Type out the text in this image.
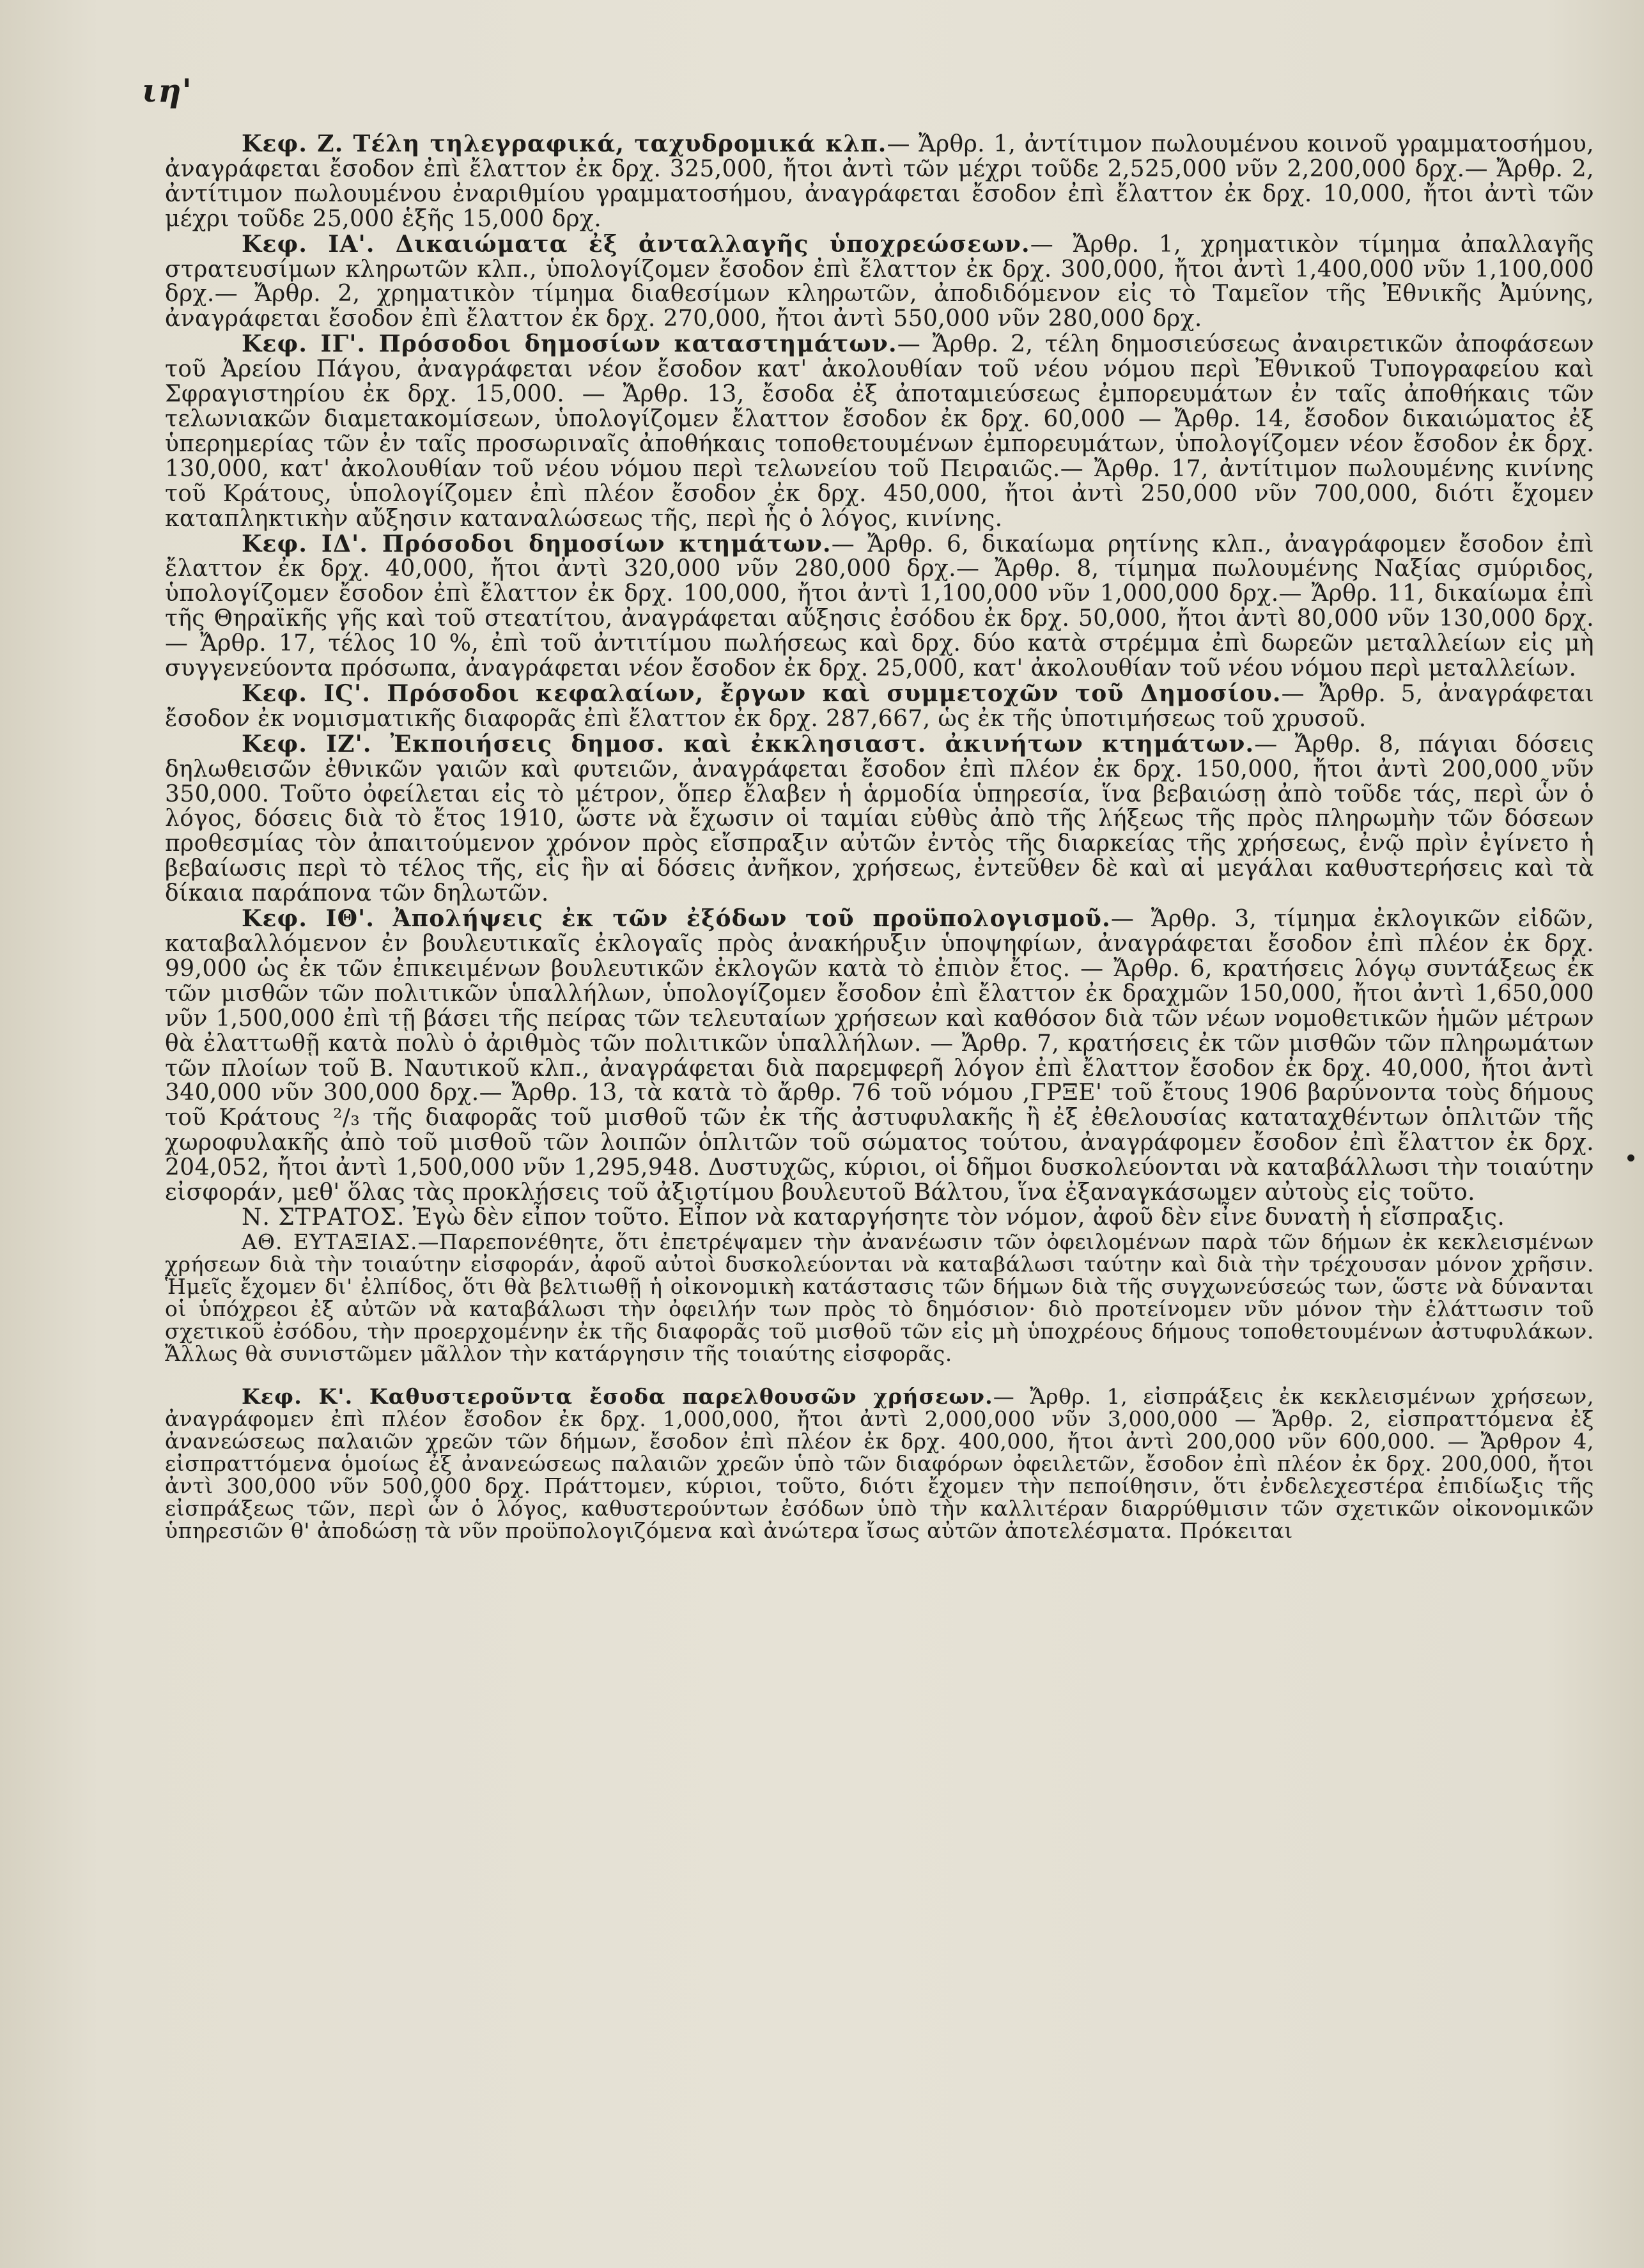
ιη'

Κεφ. Ζ. Τέλη τηλεγραφικά, ταχυδρομικά κλπ.— Ἄρθρ. 1, ἀντίτιμον πωλουμένου κοινοῦ γραμματοσήμου, ἀναγράφεται ἔσοδον ἐπὶ ἔλαττον ἐκ δρχ. 325,000, ἤτοι ἀντὶ τῶν μέχρι τοῦδε 2,525,000 νῦν 2,200,000 δρχ.— Ἄρθρ. 2, ἀντίτιμον πωλουμένου ἐναριθμίου γραμματοσήμου, ἀναγράφεται ἔσοδον ἐπὶ ἔλαττον ἐκ δρχ. 10,000, ἤτοι ἀντὶ τῶν μέχρι τοῦδε 25,000 ἑξῆς 15,000 δρχ.

Κεφ. ΙΑ'. Δικαιώματα ἐξ ἀνταλλαγῆς ὑποχρεώσεων.— Ἄρθρ. 1, χρηματικὸν τίμημα ἀπαλλαγῆς στρατευσίμων κληρωτῶν κλπ., ὑπολογίζομεν ἔσοδον ἐπὶ ἔλαττον ἐκ δρχ. 300,000, ἤτοι ἀντὶ 1,400,000 νῦν 1,100,000 δρχ.— Ἄρθρ. 2, χρηματικὸν τίμημα διαθεσίμων κληρωτῶν, ἀποδιδόμενον εἰς τὸ Ταμεῖον τῆς Ἐθνικῆς Ἀμύνης, ἀναγράφεται ἔσοδον ἐπὶ ἔλαττον ἐκ δρχ. 270,000, ἤτοι ἀντὶ 550,000 νῦν 280,000 δρχ.

Κεφ. ΙΓ'. Πρόσοδοι δημοσίων καταστημάτων.— Ἄρθρ. 2, τέλη δημοσιεύσεως ἀναιρετικῶν ἀποφάσεων τοῦ Ἀρείου Πάγου, ἀναγράφεται νέον ἔσοδον κατ' ἀκολουθίαν τοῦ νέου νόμου περὶ Ἐθνικοῦ Τυπογραφείου καὶ Σφραγιστηρίου ἐκ δρχ. 15,000. — Ἄρθρ. 13, ἔσοδα ἐξ ἀποταμιεύσεως ἐμπορευμάτων ἐν ταῖς ἀποθήκαις τῶν τελωνιακῶν διαμετακομίσεων, ὑπολογίζομεν ἔλαττον ἔσοδον ἐκ δρχ. 60,000 — Ἄρθρ. 14, ἔσοδον δικαιώματος ἐξ ὑπερημερίας τῶν ἐν ταῖς προσωριναῖς ἀποθήκαις τοποθετουμένων ἐμπορευμάτων, ὑπολογίζομεν νέον ἔσοδον ἐκ δρχ. 130,000, κατ' ἀκολουθίαν τοῦ νέου νόμου περὶ τελωνείου τοῦ Πειραιῶς.— Ἄρθρ. 17, ἀντίτιμον πωλουμένης κινίνης τοῦ Κράτους, ὑπολογίζομεν ἐπὶ πλέον ἔσοδον ἐκ δρχ. 450,000, ἤτοι ἀντὶ 250,000 νῦν 700,000, διότι ἔχομεν καταπληκτικὴν αὔξησιν καταναλώσεως τῆς, περὶ ἧς ὁ λόγος, κινίνης.

Κεφ. ΙΔ'. Πρόσοδοι δημοσίων κτημάτων.— Ἄρθρ. 6, δικαίωμα ρητίνης κλπ., ἀναγράφομεν ἔσοδον ἐπὶ ἔλαττον ἐκ δρχ. 40,000, ἤτοι ἀντὶ 320,000 νῦν 280,000 δρχ.— Ἄρθρ. 8, τίμημα πωλουμένης Ναξίας σμύριδος, ὑπολογίζομεν ἔσοδον ἐπὶ ἔλαττον ἐκ δρχ. 100,000, ἤτοι ἀντὶ 1,100,000 νῦν 1,000,000 δρχ.— Ἄρθρ. 11, δικαίωμα ἐπὶ τῆς Θηραϊκῆς γῆς καὶ τοῦ στεατίτου, ἀναγράφεται αὔξησις ἐσόδου ἐκ δρχ. 50,000, ἤτοι ἀντὶ 80,000 νῦν 130,000 δρχ. — Ἄρθρ. 17, τέλος 10 %, ἐπὶ τοῦ ἀντιτίμου πωλήσεως καὶ δρχ. δύο κατὰ στρέμμα ἐπὶ δωρεῶν μεταλλείων εἰς μὴ συγγενεύοντα πρόσωπα, ἀναγράφεται νέον ἔσοδον ἐκ δρχ. 25,000, κατ' ἀκολουθίαν τοῦ νέου νόμου περὶ μεταλλείων.

Κεφ. ΙϚ'. Πρόσοδοι κεφαλαίων, ἔργων καὶ συμμετοχῶν τοῦ Δημοσίου.— Ἄρθρ. 5, ἀναγράφεται ἔσοδον ἐκ νομισματικῆς διαφορᾶς ἐπὶ ἔλαττον ἐκ δρχ. 287,667, ὡς ἐκ τῆς ὑποτιμήσεως τοῦ χρυσοῦ.

Κεφ. ΙΖ'. Ἐκποιήσεις δημοσ. καὶ ἐκκλησιαστ. ἀκινήτων κτημάτων.— Ἄρθρ. 8, πάγιαι δόσεις δηλωθεισῶν ἐθνικῶν γαιῶν καὶ φυτειῶν, ἀναγράφεται ἔσοδον ἐπὶ πλέον ἐκ δρχ. 150,000, ἤτοι ἀντὶ 200,000 νῦν 350,000. Τοῦτο ὀφείλεται εἰς τὸ μέτρον, ὅπερ ἔλαβεν ἡ ἁρμοδία ὑπηρεσία, ἵνα βεβαιώσῃ ἀπὸ τοῦδε τάς, περὶ ὧν ὁ λόγος, δόσεις διὰ τὸ ἔτος 1910, ὥστε νὰ ἔχωσιν οἱ ταμίαι εὐθὺς ἀπὸ τῆς λήξεως τῆς πρὸς πληρωμὴν τῶν δόσεων προθεσμίας τὸν ἀπαιτούμενον χρόνον πρὸς εἴσπραξιν αὐτῶν ἐντὸς τῆς διαρκείας τῆς χρήσεως, ἐνῷ πρὶν ἐγίνετο ἡ βεβαίωσις περὶ τὸ τέλος τῆς, εἰς ἣν αἱ δόσεις ἀνῆκον, χρήσεως, ἐντεῦθεν δὲ καὶ αἱ μεγάλαι καθυστερήσεις καὶ τὰ δίκαια παράπονα τῶν δηλωτῶν.

Κεφ. ΙΘ'. Ἀπολήψεις ἐκ τῶν ἐξόδων τοῦ προϋπολογισμοῦ.— Ἄρθρ. 3, τίμημα ἐκλογικῶν εἰδῶν, καταβαλλόμενον ἐν βουλευτικαῖς ἐκλογαῖς πρὸς ἀνακήρυξιν ὑποψηφίων, ἀναγράφεται ἔσοδον ἐπὶ πλέον ἐκ δρχ. 99,000 ὡς ἐκ τῶν ἐπικειμένων βουλευτικῶν ἐκλογῶν κατὰ τὸ ἐπιὸν ἔτος. — Ἄρθρ. 6, κρατήσεις λόγῳ συντάξεως ἐκ τῶν μισθῶν τῶν πολιτικῶν ὑπαλλήλων, ὑπολογίζομεν ἔσοδον ἐπὶ ἔλαττον ἐκ δραχμῶν 150,000, ἤτοι ἀντὶ 1,650,000 νῦν 1,500,000 ἐπὶ τῇ βάσει τῆς πείρας τῶν τελευταίων χρήσεων καὶ καθόσον διὰ τῶν νέων νομοθετικῶν ἡμῶν μέτρων θὰ ἐλαττωθῇ κατὰ πολὺ ὁ ἀριθμὸς τῶν πολιτικῶν ὑπαλλήλων. — Ἄρθρ. 7, κρατήσεις ἐκ τῶν μισθῶν τῶν πληρωμάτων τῶν πλοίων τοῦ Β. Ναυτικοῦ κλπ., ἀναγράφεται διὰ παρεμφερῆ λόγον ἐπὶ ἔλαττον ἔσοδον ἐκ δρχ. 40,000, ἤτοι ἀντὶ 340,000 νῦν 300,000 δρχ.— Ἄρθρ. 13, τὰ κατὰ τὸ ἄρθρ. 76 τοῦ νόμου ,ΓΡΞΕ' τοῦ ἔτους 1906 βαρύνοντα τοὺς δήμους τοῦ Κράτους ²/₃ τῆς διαφορᾶς τοῦ μισθοῦ τῶν ἐκ τῆς ἀστυφυλακῆς ἢ ἐξ ἐθελουσίας καταταχθέντων ὁπλιτῶν τῆς χωροφυλακῆς ἀπὸ τοῦ μισθοῦ τῶν λοιπῶν ὁπλιτῶν τοῦ σώματος τούτου, ἀναγράφομεν ἔσοδον ἐπὶ ἔλαττον ἐκ δρχ. 204,052, ἤτοι ἀντὶ 1,500,000 νῦν 1,295,948. Δυστυχῶς, κύριοι, οἱ δῆμοι δυσκολεύονται νὰ καταβάλλωσι τὴν τοιαύτην εἰσφοράν, μεθ' ὅλας τὰς προκλήσεις τοῦ ἀξιοτίμου βουλευτοῦ Βάλτου, ἵνα ἐξαναγκάσωμεν αὐτοὺς εἰς τοῦτο.

Ν. ΣΤΡΑΤΟΣ. Ἐγὼ δὲν εἶπον τοῦτο. Εἶπον νὰ καταργήσητε τὸν νόμον, ἀφοῦ δὲν εἶνε δυνατὴ ἡ εἴσπραξις.

ΑΘ. ΕΥΤΑΞΙΑΣ.—Παρεπονέθητε, ὅτι ἐπετρέψαμεν τὴν ἀνανέωσιν τῶν ὀφειλομένων παρὰ τῶν δήμων ἐκ κεκλεισμένων χρήσεων διὰ τὴν τοιαύτην εἰσφοράν, ἀφοῦ αὐτοὶ δυσκολεύονται νὰ καταβάλωσι ταύτην καὶ διὰ τὴν τρέχουσαν μόνον χρῆσιν. Ἡμεῖς ἔχομεν δι' ἐλπίδος, ὅτι θὰ βελτιωθῇ ἡ οἰκονομικὴ κατάστασις τῶν δήμων διὰ τῆς συγχωνεύσεώς των, ὥστε νὰ δύνανται οἱ ὑπόχρεοι ἐξ αὐτῶν νὰ καταβάλωσι τὴν ὀφειλήν των πρὸς τὸ δημόσιον· διὸ προτείνομεν νῦν μόνον τὴν ἐλάττωσιν τοῦ σχετικοῦ ἐσόδου, τὴν προερχομένην ἐκ τῆς διαφορᾶς τοῦ μισθοῦ τῶν εἰς μὴ ὑποχρέους δήμους τοποθετουμένων ἀστυφυλάκων. Ἄλλως θὰ συνιστῶμεν μᾶλλον τὴν κατάργησιν τῆς τοιαύτης εἰσφορᾶς.

Κεφ. Κ'. Καθυστεροῦντα ἔσοδα παρελθουσῶν χρήσεων.— Ἄρθρ. 1, εἰσπράξεις ἐκ κεκλεισμένων χρήσεων, ἀναγράφομεν ἐπὶ πλέον ἔσοδον ἐκ δρχ. 1,000,000, ἤτοι ἀντὶ 2,000,000 νῦν 3,000,000 — Ἄρθρ. 2, εἰσπραττόμενα ἐξ ἀνανεώσεως παλαιῶν χρεῶν τῶν δήμων, ἔσοδον ἐπὶ πλέον ἐκ δρχ. 400,000, ἤτοι ἀντὶ 200,000 νῦν 600,000. — Ἄρθρον 4, εἰσπραττόμενα ὁμοίως ἐξ ἀνανεώσεως παλαιῶν χρεῶν ὑπὸ τῶν διαφόρων ὀφειλετῶν, ἔσοδον ἐπὶ πλέον ἐκ δρχ. 200,000, ἤτοι ἀντὶ 300,000 νῦν 500,000 δρχ. Πράττομεν, κύριοι, τοῦτο, διότι ἔχομεν τὴν πεποίθησιν, ὅτι ἐνδελεχεστέρα ἐπιδίωξις τῆς εἰσπράξεως τῶν, περὶ ὧν ὁ λόγος, καθυστερούντων ἐσόδων ὑπὸ τὴν καλλιτέραν διαρρύθμισιν τῶν σχετικῶν οἰκονομικῶν ὑπηρεσιῶν θ' ἀποδώσῃ τὰ νῦν προϋπολογιζόμενα καὶ ἀνώτερα ἴσως αὐτῶν ἀποτελέσματα. Πρόκειται
